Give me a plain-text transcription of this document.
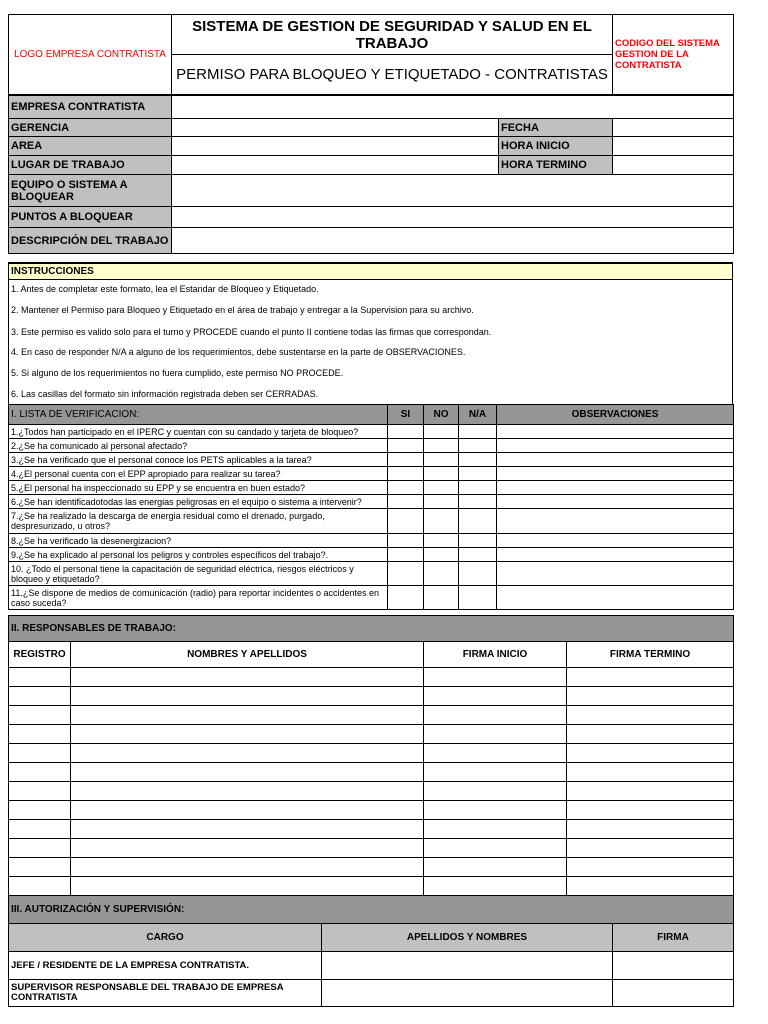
LOGO EMPRESA CONTRATISTA	SISTEMA DE GESTION DE SEGURIDAD Y SALUD EN EL TRABAJO	CODIGO DEL SISTEMA GESTION DE LA CONTRATISTA
PERMISO PARA BLOQUEO Y ETIQUETADO - CONTRATISTAS
EMPRESA CONTRATISTA			
GERENCIA		FECHA	
AREA		HORA INICIO	
LUGAR DE TRABAJO		HORA TERMINO	
EQUIPO O SISTEMA A BLOQUEAR			
PUNTOS A BLOQUEAR			
DESCRIPCIÓN DEL TRABAJO			
INSTRUCCIONES
1. Antes de completar este formato, lea el Estandar de Bloqueo y Etiquetado.
2. Mantener el Permiso para Bloqueo y Etiquetado en el área de trabajo y entregar a la Supervision para su archivo.
3. Este permiso es valido solo para el turno y PROCEDE cuando el punto II contiene todas las firmas que correspondan.
4. En caso de responder N/A a alguno de los requerimientos, debe sustentarse en la parte de OBSERVACIONES.
5. Si alguno de los requerimientos no fuera cumplido, este permiso NO PROCEDE.
6. Las casillas del formato sin información registrada deben ser CERRADAS.
I. LISTA DE VERIFICACION:	SI	NO	N/A	OBSERVACIONES
1.¿Todos han participado en el IPERC y cuentan con su candado y tarjeta de bloqueo?				
2.¿Se ha comunicado al personal afectado?				
3.¿Se ha verificado que el personal conoce los PETS aplicables a la tarea?				
4.¿El personal cuenta con el EPP apropiado para realizar su tarea?				
5.¿El personal ha inspeccionado su EPP y se encuentra en buen estado?				
6.¿Se han identificadotodas las energias peligrosas en el equipo o sistema a intervenir?				
7.¿Se ha realizado la descarga de energia residual como el drenado, purgado, despresurizado, u otros?				
8.¿Se ha verificado la desenergizacion?				
9.¿Se ha explicado al personal los peligros y controles específicos del trabajo?.				
10. ¿Todo el personal tiene la capacitación de seguridad eléctrica, riesgos eléctricos y bloqueo y etiquetado?				
11.¿Se dispone de medios de comunicación (radio) para reportar incidentes o accidentes en caso suceda?				
II. RESPONSABLES DE TRABAJO:			
REGISTRO	NOMBRES Y APELLIDOS	FIRMA INICIO	FIRMA TERMINO

III. AUTORIZACIÓN Y SUPERVISIÓN:		
CARGO	APELLIDOS Y NOMBRES	FIRMA
JEFE / RESIDENTE DE LA EMPRESA CONTRATISTA.		
SUPERVISOR RESPONSABLE DEL TRABAJO DE EMPRESA CONTRATISTA		
